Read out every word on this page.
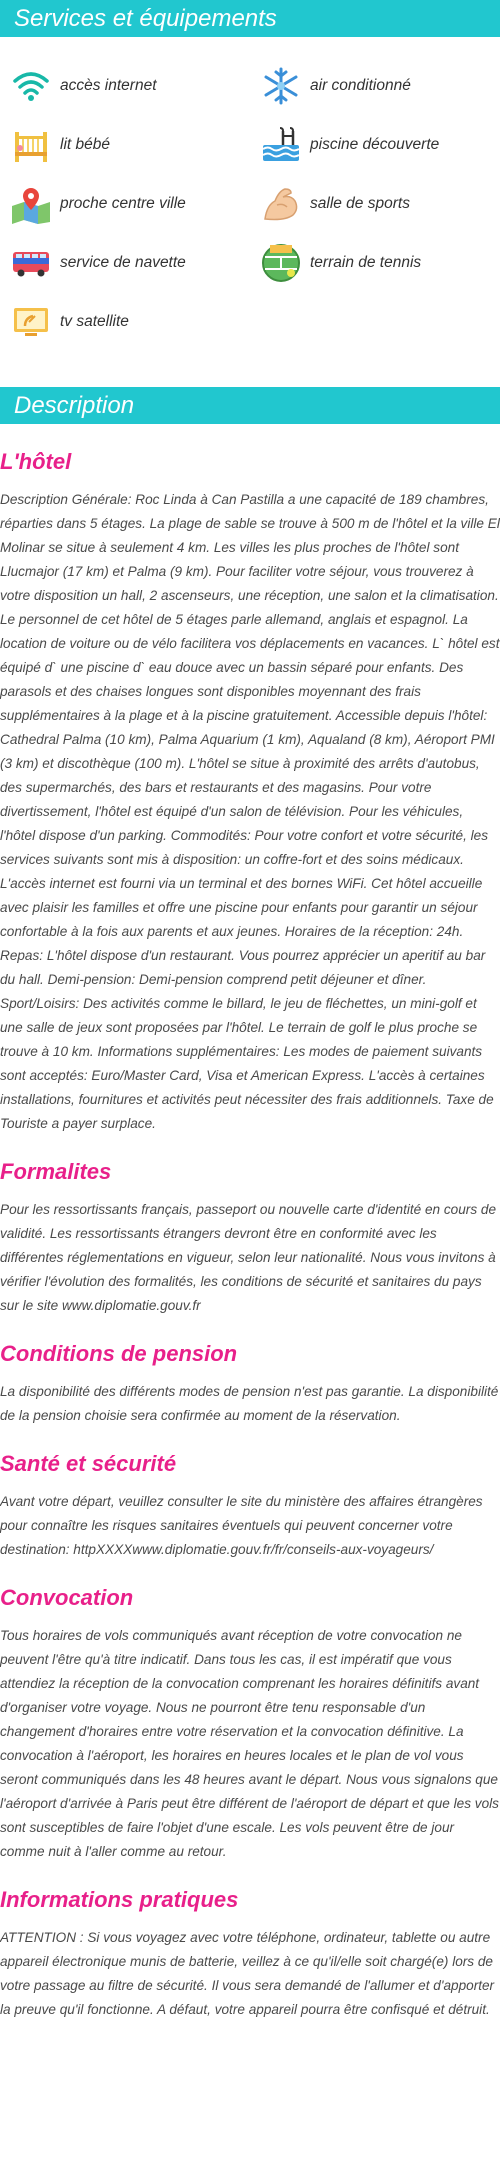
Services et équipements
accès internet	air conditionné
lit bébé	piscine découverte
proche centre ville	salle de sports
service de navette	terrain de tennis
tv satellite
Description
L'hôtel

Description Générale: Roc Linda à Can Pastilla a une capacité de 189 chambres, réparties dans 5 étages. La plage de sable se trouve à 500 m de l'hôtel et la ville El Molinar se situe à seulement 4 km. Les villes les plus proches de l'hôtel sont Llucmajor (17 km) et Palma (9 km). Pour faciliter votre séjour, vous trouverez à votre disposition un hall, 2 ascenseurs, une réception, une salon et la climatisation. Le personnel de cet hôtel de 5 étages parle allemand, anglais et espagnol. La location de voiture ou de vélo facilitera vos déplacements en vacances. L` hôtel est équipé d` une piscine d` eau douce avec un bassin séparé pour enfants. Des parasols et des chaises longues sont disponibles moyennant des frais supplémentaires à la plage et à la piscine gratuitement. Accessible depuis l'hôtel: Cathedral Palma (10 km), Palma Aquarium (1 km), Aqualand (8 km), Aéroport PMI (3 km) et discothèque (100 m). L'hôtel se situe à proximité des arrêts d'autobus, des supermarchés, des bars et restaurants et des magasins. Pour votre divertissement, l'hôtel est équipé d'un salon de télévision. Pour les véhicules, l'hôtel dispose d'un parking. Commodités: Pour votre confort et votre sécurité, les services suivants sont mis à disposition: un coffre-fort et des soins médicaux. L'accès internet est fourni via un terminal et des bornes WiFi. Cet hôtel accueille avec plaisir les familles et offre une piscine pour enfants pour garantir un séjour confortable à la fois aux parents et aux jeunes. Horaires de la réception: 24h. Repas: L'hôtel dispose d'un restaurant. Vous pourrez apprécier un aperitif au bar du hall. Demi-pension: Demi-pension comprend petit déjeuner et dîner. Sport/Loisirs: Des activités comme le billard, le jeu de fléchettes, un mini-golf et une salle de jeux sont proposées par l'hôtel. Le terrain de golf le plus proche se trouve à 10 km. Informations supplémentaires: Les modes de paiement suivants sont acceptés: Euro/Master Card, Visa et American Express. L'accès à certaines installations, fournitures et activités peut nécessiter des frais additionnels. Taxe de Touriste a payer surplace.

Formalites

Pour les ressortissants français, passeport ou nouvelle carte d'identité en cours de validité. Les ressortissants étrangers devront être en conformité avec les différentes réglementations en vigueur, selon leur nationalité. Nous vous invitons à vérifier l'évolution des formalités, les conditions de sécurité et sanitaires du pays sur le site www.diplomatie.gouv.fr

Conditions de pension

La disponibilité des différents modes de pension n'est pas garantie. La disponibilité de la pension choisie sera confirmée au moment de la réservation.

Santé et sécurité

Avant votre départ, veuillez consulter le site du ministère des affaires étrangères pour connaître les risques sanitaires éventuels qui peuvent concerner votre destination: httpXXXXwww.diplomatie.gouv.fr/fr/conseils-aux-voyageurs/

Convocation

Tous horaires de vols communiqués avant réception de votre convocation ne peuvent l'être qu'à titre indicatif. Dans tous les cas, il est impératif que vous attendiez la réception de la convocation comprenant les horaires définitifs avant d'organiser votre voyage. Nous ne pourront être tenu responsable d'un changement d'horaires entre votre réservation et la convocation définitive. La convocation à l'aéroport, les horaires en heures locales et le plan de vol vous seront communiqués dans les 48 heures avant le départ. Nous vous signalons que l'aéroport d'arrivée à Paris peut être différent de l'aéroport de départ et que les vols sont susceptibles de faire l'objet d'une escale. Les vols peuvent être de jour comme nuit à l'aller comme au retour.

Informations pratiques

ATTENTION : Si vous voyagez avec votre téléphone, ordinateur, tablette ou autre appareil électronique munis de batterie, veillez à ce qu'il/elle soit chargé(e) lors de votre passage au filtre de sécurité. Il vous sera demandé de l'allumer et d'apporter la preuve qu'il fonctionne. A défaut, votre appareil pourra être confisqué et détruit.
